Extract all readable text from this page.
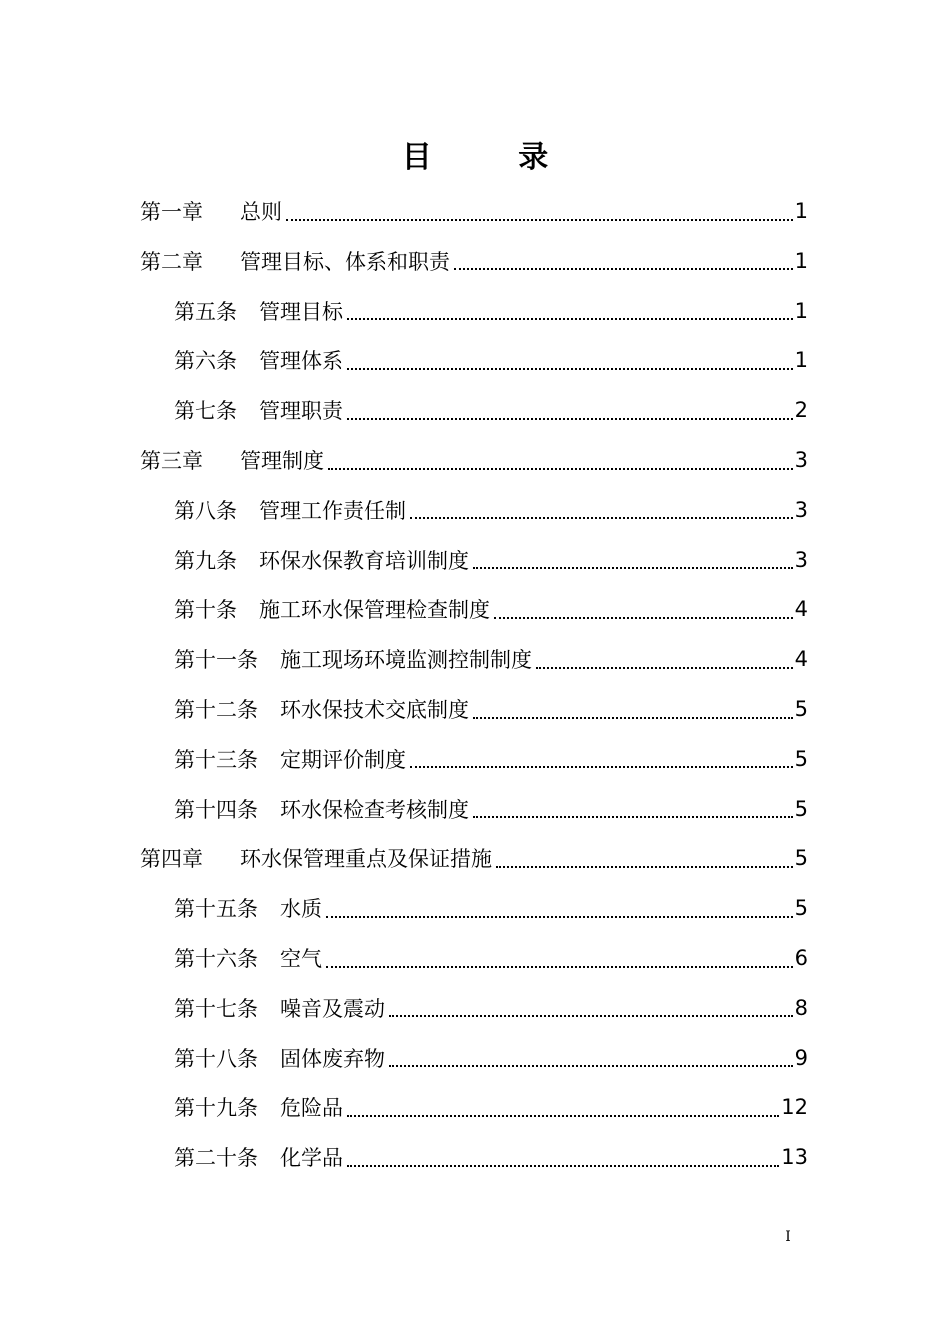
目 录
第一章	总则	1
第二章	管理目标、体系和职责	1
第五条 管理目标	1
第六条 管理体系	1
第七条 管理职责	2
第三章	管理制度	3
第八条 管理工作责任制	3
第九条 环保水保教育培训制度	3
第十条 施工环水保管理检查制度	4
第十一条 施工现场环境监测控制制度	4
第十二条 环水保技术交底制度	5
第十三条 定期评价制度	5
第十四条 环水保检查考核制度	5
第四章	环水保管理重点及保证措施	5
第十五条 水质	5
第十六条 空气	6
第十七条 噪音及震动	8
第十八条 固体废弃物	9
第十九条 危险品	12
第二十条 化学品	13
I
